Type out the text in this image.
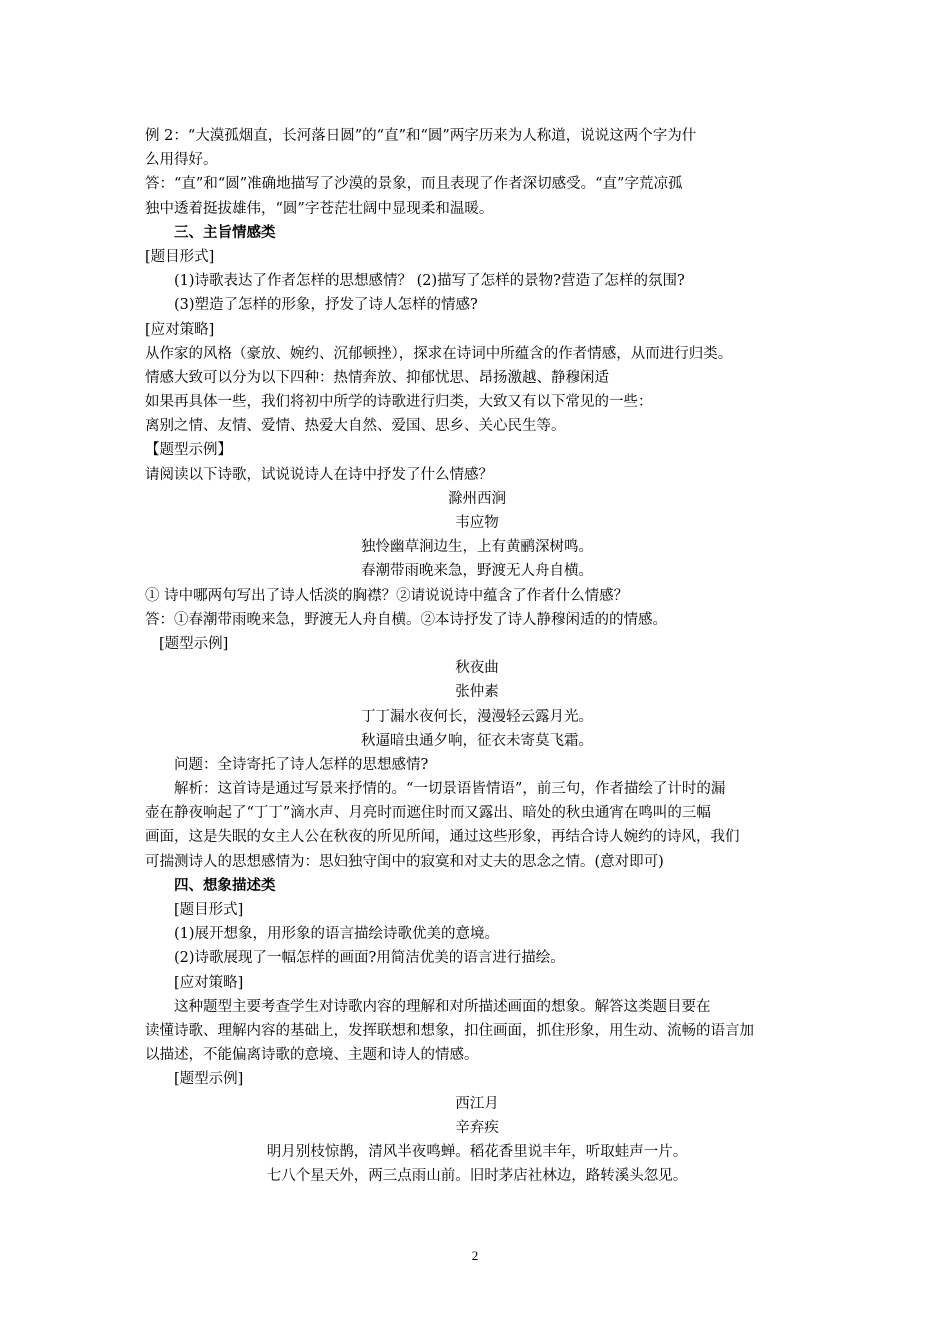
例 2：“大漠孤烟直，长河落日圆”的“直”和“圆”两字历来为人称道，说说这两个字为什
么用得好。
答：“直”和“圆”准确地描写了沙漠的景象，而且表现了作者深切感受。“直”字荒凉孤
独中透着挺拔雄伟，“圆”字苍茫壮阔中显现柔和温暖。
三、主旨情感类
[题目形式]
(1)诗歌表达了作者怎样的思想感情？ (2)描写了怎样的景物?营造了怎样的氛围?
(3)塑造了怎样的形象，抒发了诗人怎样的情感?
[应对策略]
从作家的风格（豪放、婉约、沉郁顿挫），探求在诗词中所蕴含的作者情感，从而进行归类。
情感大致可以分为以下四种：热情奔放、抑郁忧思、昂扬激越、静穆闲适
如果再具体一些，我们将初中所学的诗歌进行归类，大致又有以下常见的一些：
离别之情、友情、爱情、热爱大自然、爱国、思乡、关心民生等。
【题型示例】
请阅读以下诗歌，试说说诗人在诗中抒发了什么情感？
滁州西涧
韦应物
独怜幽草涧边生，上有黄鹂深树鸣。
春潮带雨晚来急，野渡无人舟自横。
① 诗中哪两句写出了诗人恬淡的胸襟？②请说说诗中蕴含了作者什么情感？
答：①春潮带雨晚来急，野渡无人舟自横。②本诗抒发了诗人静穆闲适的的情感。
[题型示例]
秋夜曲
张仲素
丁丁漏水夜何长，漫漫轻云露月光。
秋逼暗虫通夕响，征衣未寄莫飞霜。
问题：全诗寄托了诗人怎样的思想感情?
解析：这首诗是通过写景来抒情的。“一切景语皆情语”，前三句，作者描绘了计时的漏
壶在静夜响起了“丁丁”滴水声、月亮时而遮住时而又露出、暗处的秋虫通宵在鸣叫的三幅
画面，这是失眠的女主人公在秋夜的所见所闻，通过这些形象，再结合诗人婉约的诗风，我们
可揣测诗人的思想感情为：思妇独守闺中的寂寞和对丈夫的思念之情。(意对即可)
四、想象描述类
[题目形式]
(1)展开想象，用形象的语言描绘诗歌优美的意境。
(2)诗歌展现了一幅怎样的画面?用简洁优美的语言进行描绘。
[应对策略]
这种题型主要考查学生对诗歌内容的理解和对所描述画面的想象。解答这类题目要在
读懂诗歌、理解内容的基础上，发挥联想和想象，扣住画面，抓住形象，用生动、流畅的语言加
以描述，不能偏离诗歌的意境、主题和诗人的情感。
[题型示例]
西江月
辛弃疾
明月别枝惊鹊，清风半夜鸣蝉。稻花香里说丰年，听取蛙声一片。
七八个星天外，两三点雨山前。旧时茅店社林边，路转溪头忽见。
2
